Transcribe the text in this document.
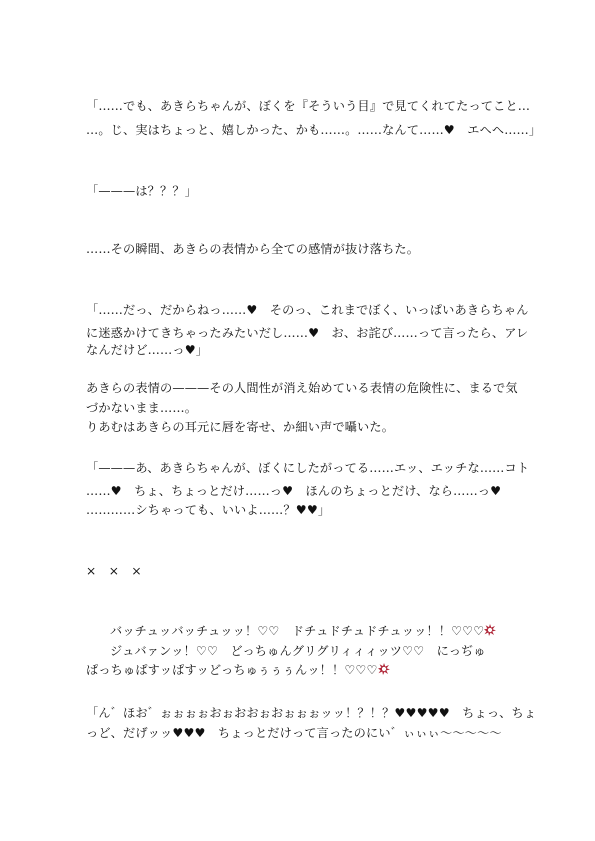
「……でも、あきらちゃんが、ぼくを『そういう目』で見てくれてたってこと…
…。じ、実はちょっと、嬉しかった、かも……。……なんて……♥　エヘヘ……」
「———は？？？」
……その瞬間、あきらの表情から全ての感情が抜け落ちた。
「……だっ、だからねっ……♥　そのっ、これまでぼく、いっぱいあきらちゃん
に迷惑かけてきちゃったみたいだし……♥　お、お詫び……って言ったら、アレ
なんだけど……っ♥」
あきらの表情の———その人間性が消え始めている表情の危険性に、まるで気
づかないまま……。
りあむはあきらの耳元に唇を寄せ、か細い声で囁いた。
「———あ、あきらちゃんが、ぼくにしたがってる……エッ、エッチな……コト
……♥　ちょ、ちょっとだけ……っ♥　ほんのちょっとだけ、なら……っ♥
…………シちゃっても、いいよ……？♥♥」
×　×　×
バッチュッバッチュッッ！♡♡　ドチュドチュドチュッッ！！♡♡♡
ジュバァンッ！♡♡　どっちゅんグリグリィィィッツ♡♡　にっぢゅ
ぱっちゅぱすッぱすッどっちゅぅぅぅんッ！！♡♡♡
「ん゛ほお゛ぉぉぉぉおぉおおぉおぉぉぉッッ！？！？♥♥♥♥♥　ちょっ、ちょ
っど、だげッッ♥♥♥　ちょっとだけって言ったのにい゛ぃぃぃ〜〜〜〜〜
